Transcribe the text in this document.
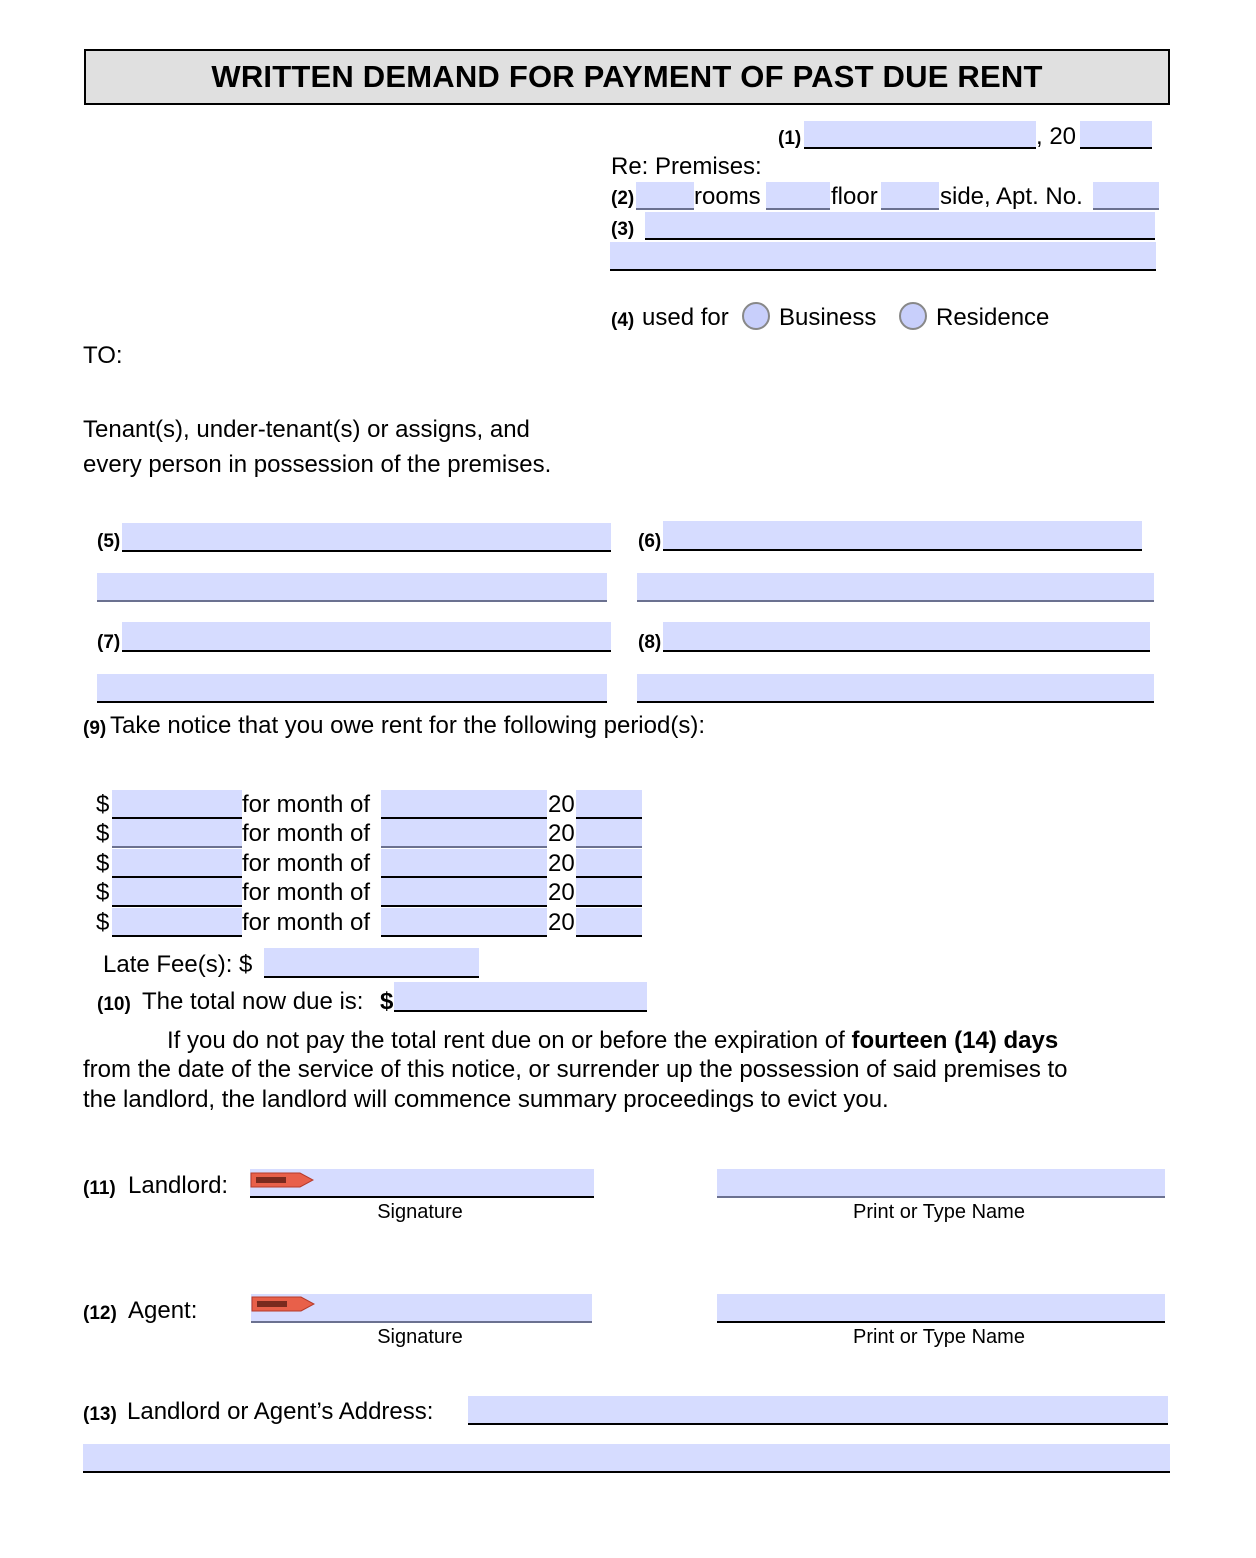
WRITTEN DEMAND FOR PAYMENT OF PAST DUE RENT
(1)	, 20
Re: Premises:
(2) rooms	floor	side, Apt. No.
(3)
(4) used for Business Residence
TO:
Tenant(s), under-tenant(s) or assigns, and
every person in possession of the premises.
(5)	(6)
(7)	(8)
(9) Take notice that you owe rent for the following period(s):
$	for month of	20
$	for month of	20
$	for month of	20
$	for month of	20
$	for month of	20
Late Fee(s): $
(10) The total now due is: $
If you do not pay the total rent due on or before the expiration of fourteen (14) days
from the date of the service of this notice, or surrender up the possession of said premises to
the landlord, the landlord will commence summary proceedings to evict you.
(11) Landlord:
Signature	Print or Type Name
(12) Agent:
Signature	Print or Type Name
(13) Landlord or Agent’s Address:
